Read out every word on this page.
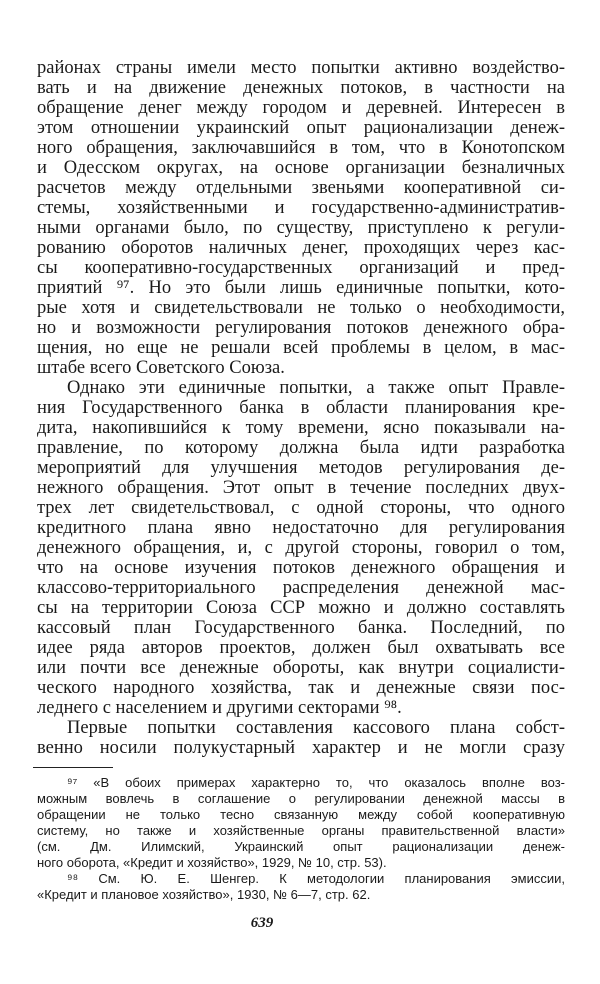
районах страны имели место попытки активно воздейство-
вать и на движение денежных потоков, в частности на
обращение денег между городом и деревней. Интересен в
этом отношении украинский опыт рационализации денеж-
ного обращения, заключавшийся в том, что в Конотопском
и Одесском округах, на основе организации безналичных
расчетов между отдельными звеньями кооперативной си-
стемы, хозяйственными и государственно-административ-
ными органами было, по существу, приступлено к регули-
рованию оборотов наличных денег, проходящих через кас-
сы кооперативно-государственных организаций и пред-
приятий ⁹⁷. Но это были лишь единичные попытки, кото-
рые хотя и свидетельствовали не только о необходимости,
но и возможности регулирования потоков денежного обра-
щения, но еще не решали всей проблемы в целом, в мас-
штабе всего Советского Союза.
Однако эти единичные попытки, а также опыт Правле-
ния Государственного банка в области планирования кре-
дита, накопившийся к тому времени, ясно показывали на-
правление, по которому должна была идти разработка
мероприятий для улучшения методов регулирования де-
нежного обращения. Этот опыт в течение последних двух-
трех лет свидетельствовал, с одной стороны, что одного
кредитного плана явно недостаточно для регулирования
денежного обращения, и, с другой стороны, говорил о том,
что на основе изучения потоков денежного обращения и
классово-территориального распределения денежной мас-
сы на территории Союза ССР можно и должно составлять
кассовый план Государственного банка. Последний, по
идее ряда авторов проектов, должен был охватывать все
или почти все денежные обороты, как внутри социалисти-
ческого народного хозяйства, так и денежные связи пос-
леднего с населением и другими секторами ⁹⁸.
Первые попытки составления кассового плана собст-
венно носили полукустарный характер и не могли сразу
⁹⁷ «В обоих примерах характерно то, что оказалось вполне воз-
можным вовлечь в соглашение о регулировании денежной массы в
обращении не только тесно связанную между собой кооперативную
систему, но также и хозяйственные органы правительственной власти»
(см. Дм. Илимский, Украинский опыт рационализации денеж-
ного оборота, «Кредит и хозяйство», 1929, № 10, стр. 53).
⁹⁸ См. Ю. Е. Шенгер. К методологии планирования эмиссии,
«Кредит и плановое хозяйство», 1930, № 6—7, стр. 62.
639
